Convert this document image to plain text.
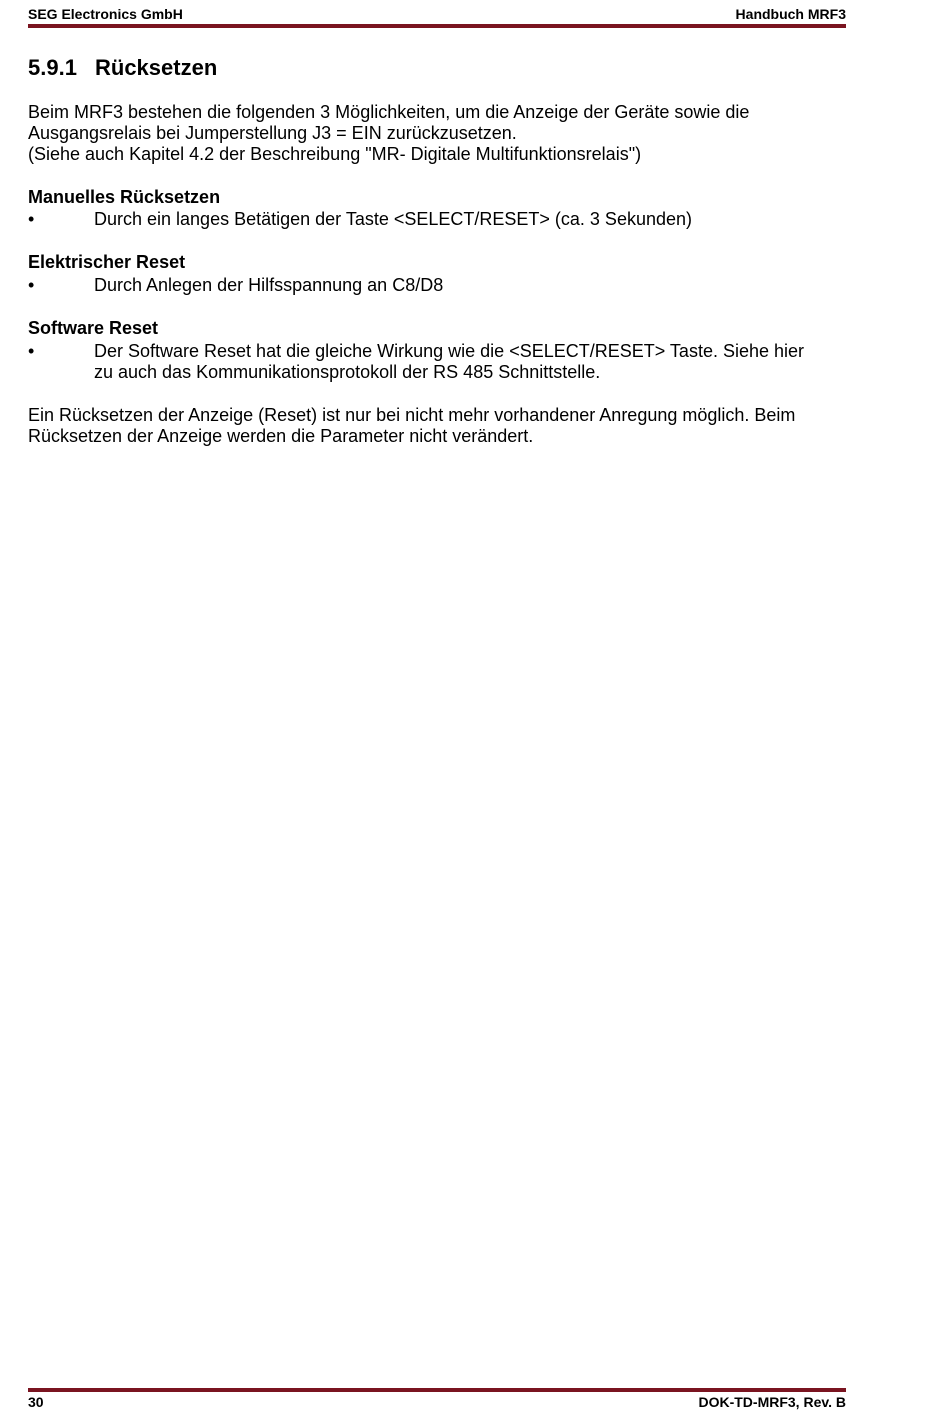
SEG Electronics GmbH	Handbuch MRF3
5.9.1 Rücksetzen
Beim MRF3 bestehen die folgenden 3 Möglichkeiten, um die Anzeige der Geräte sowie die
Ausgangsrelais bei Jumperstellung J3 = EIN zurückzusetzen.
(Siehe auch Kapitel 4.2 der Beschreibung "MR- Digitale Multifunktionsrelais")
Manuelles Rücksetzen
•	Durch ein langes Betätigen der Taste <SELECT/RESET> (ca. 3 Sekunden)
Elektrischer Reset
•	Durch Anlegen der Hilfsspannung an C8/D8
Software Reset
•	Der Software Reset hat die gleiche Wirkung wie die <SELECT/RESET> Taste. Siehe hier
zu auch das Kommunikationsprotokoll der RS 485 Schnittstelle.
Ein Rücksetzen der Anzeige (Reset) ist nur bei nicht mehr vorhandener Anregung möglich. Beim
Rücksetzen der Anzeige werden die Parameter nicht verändert.
30	DOK-TD-MRF3, Rev. B
